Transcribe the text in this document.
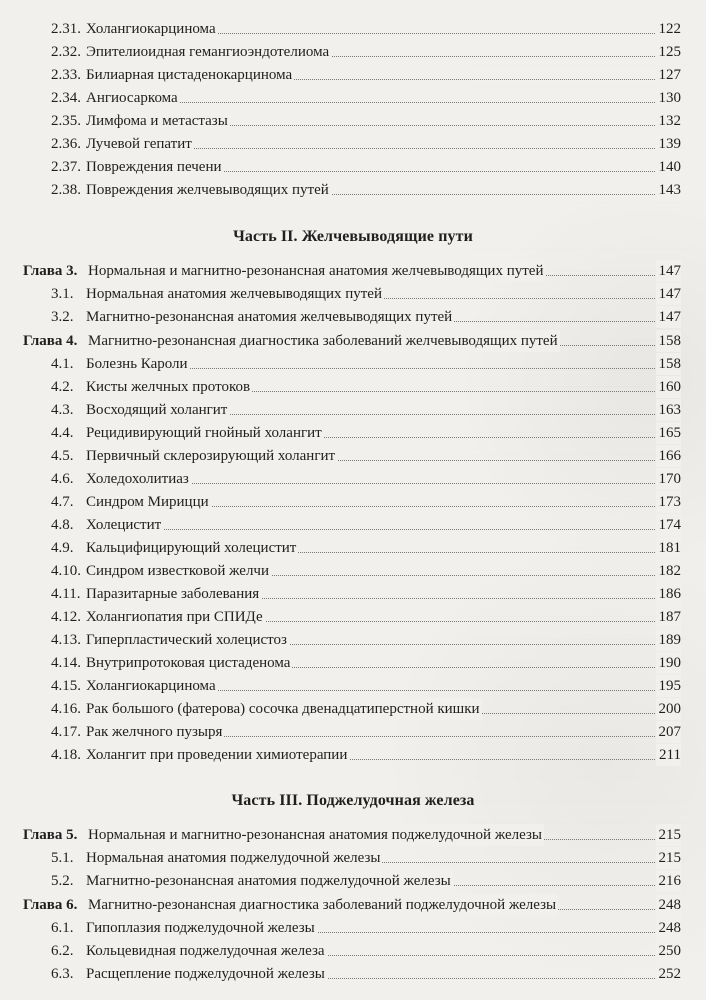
2.31. Холангиокарцинома	122
2.32. Эпителиоидная гемангиоэндотелиома	125
2.33. Билиарная цистаденокарцинома	127
2.34. Ангиосаркома	130
2.35. Лимфома и метастазы	132
2.36. Лучевой гепатит	139
2.37. Повреждения печени	140
2.38. Повреждения желчевыводящих путей	143
Часть II. Желчевыводящие пути
Глава 3. Нормальная и магнитно-резонансная анатомия желчевыводящих путей	147
3.1. Нормальная анатомия желчевыводящих путей	147
3.2. Магнитно-резонансная анатомия желчевыводящих путей	147
Глава 4. Магнитно-резонансная диагностика заболеваний желчевыводящих путей	158
4.1. Болезнь Кароли	158
4.2. Кисты желчных протоков	160
4.3. Восходящий холангит	163
4.4. Рецидивирующий гнойный холангит	165
4.5. Первичный склерозирующий холангит	166
4.6. Холедохолитиаз	170
4.7. Синдром Мирицци	173
4.8. Холецистит	174
4.9. Кальцифицирующий холецистит	181
4.10. Синдром известковой желчи	182
4.11. Паразитарные заболевания	186
4.12. Холангиопатия при СПИДе	187
4.13. Гиперпластический холецистоз	189
4.14. Внутрипротоковая цистаденома	190
4.15. Холангиокарцинома	195
4.16. Рак большого (фатерова) сосочка двенадцатиперстной кишки	200
4.17. Рак желчного пузыря	207
4.18. Холангит при проведении химиотерапии	211
Часть III. Поджелудочная железа
Глава 5. Нормальная и магнитно-резонансная анатомия поджелудочной железы	215
5.1. Нормальная анатомия поджелудочной железы	215
5.2. Магнитно-резонансная анатомия поджелудочной железы	216
Глава 6. Магнитно-резонансная диагностика заболеваний поджелудочной железы	248
6.1. Гипоплазия поджелудочной железы	248
6.2. Кольцевидная поджелудочная железа	250
6.3. Расщепление поджелудочной железы	252
